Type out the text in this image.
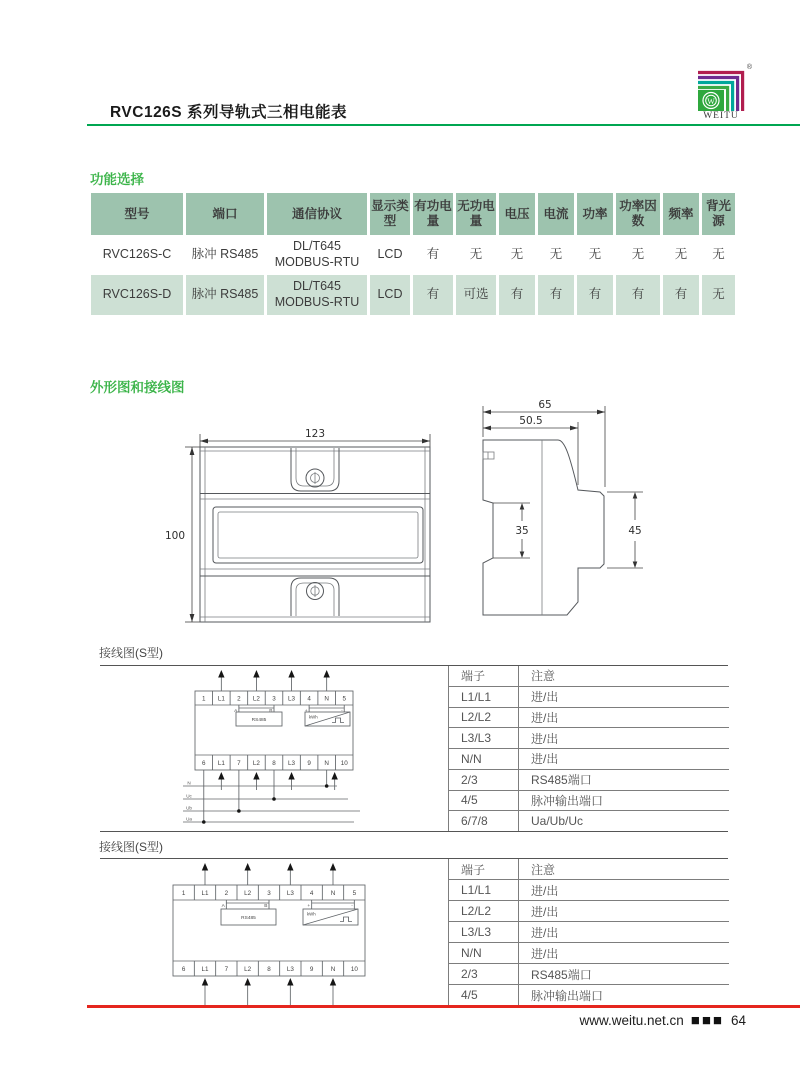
RVC126S 系列导轨式三相电能表
W
®
WEITU
功能选择
型号	端口	通信协议	显示类型	有功电量	无功电量	电压	电流	功率	功率因数	频率	背光源
RVC126S-C	脉冲 RS485	DL/T645 MODBUS-RTU	LCD	有	无	无	无	无	无	无	无
RVC126S-D	脉冲 RS485	DL/T645 MODBUS-RTU	LCD	有	可选	有	有	有	有	有	无
外形图和接线图
123
100
65
50.5
35	45
接线图(S型)
端子	注意
L1/L1	进/出
L2/L2	进/出
L3/L3	进/出
N/N	进/出
2/3	RS485端口
4/5	脉冲输出端口
6/7/8	Ua/Ub/Uc
1 L1 2 L2 3 L3 4 N 5
6 L1 7 L2 8 L3 9 N 10
A	B
RS485
+	-
kWh
N
Uc
Ub
Ua
接线图(S型)
端子	注意
L1/L1	进/出
L2/L2	进/出
L3/L3	进/出
N/N	进/出
2/3	RS485端口
4/5	脉冲输出端口
1	L1	2	L2	3	L3	4	N	5
6	L1	7	L2	8	L3	9	N 10
A	B
RS485
+	-
kWh
www.weitu.net.cn ■■■ 64
